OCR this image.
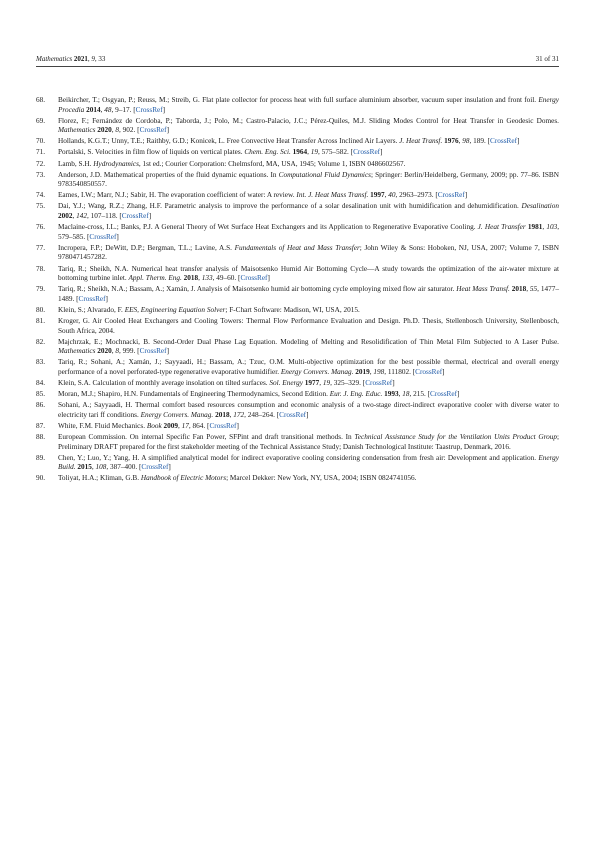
Mathematics 2021, 9, 33	31 of 31
68. Beikircher, T.; Osgyan, P.; Reuss, M.; Streib, G. Flat plate collector for process heat with full surface aluminium absorber, vacuum super insulation and front foil. Energy Procedia 2014, 48, 9–17. [CrossRef]
69. Florez, F.; Fernández de Cordoba, P.; Taborda, J.; Polo, M.; Castro-Palacio, J.C.; Pérez-Quiles, M.J. Sliding Modes Control for Heat Transfer in Geodesic Domes. Mathematics 2020, 8, 902. [CrossRef]
70. Hollands, K.G.T.; Unny, T.E.; Raithby, G.D.; Konicek, L. Free Convective Heat Transfer Across Inclined Air Layers. J. Heat Transf. 1976, 98, 189. [CrossRef]
71. Portalski, S. Velocities in film flow of liquids on vertical plates. Chem. Eng. Sci. 1964, 19, 575–582. [CrossRef]
72. Lamb, S.H. Hydrodynamics, 1st ed.; Courier Corporation: Chelmsford, MA, USA, 1945; Volume 1, ISBN 0486602567.
73. Anderson, J.D. Mathematical properties of the fluid dynamic equations. In Computational Fluid Dynamics; Springer: Berlin/Heidelberg, Germany, 2009; pp. 77–86. ISBN 9783540850557.
74. Eames, I.W.; Marr, N.J.; Sabir, H. The evaporation coefficient of water: A review. Int. J. Heat Mass Transf. 1997, 40, 2963–2973. [CrossRef]
75. Dai, Y.J.; Wang, R.Z.; Zhang, H.F. Parametric analysis to improve the performance of a solar desalination unit with humidification and dehumidification. Desalination 2002, 142, 107–118. [CrossRef]
76. Maclaine-cross, I.L.; Banks, P.J. A General Theory of Wet Surface Heat Exchangers and its Application to Regenerative Evaporative Cooling. J. Heat Transfer 1981, 103, 579–585. [CrossRef]
77. Incropera, F.P.; DeWitt, D.P.; Bergman, T.L.; Lavine, A.S. Fundamentals of Heat and Mass Transfer; John Wiley & Sons: Hoboken, NJ, USA, 2007; Volume 7, ISBN 9780471457282.
78. Tariq, R.; Sheikh, N.A. Numerical heat transfer analysis of Maisotsenko Humid Air Bottoming Cycle—A study towards the optimization of the air-water mixture at bottoming turbine inlet. Appl. Therm. Eng. 2018, 133, 49–60. [CrossRef]
79. Tariq, R.; Sheikh, N.A.; Bassam, A.; Xamán, J. Analysis of Maisotsenko humid air bottoming cycle employing mixed flow air saturator. Heat Mass Transf. 2018, 55, 1477–1489. [CrossRef]
80. Klein, S.; Alvarado, F. EES, Engineering Equation Solver; F-Chart Software: Madison, WI, USA, 2015.
81. Kroger, G. Air Cooled Heat Exchangers and Cooling Towers: Thermal Flow Performance Evaluation and Design. Ph.D. Thesis, Stellenbosch University, Stellenbosch, South Africa, 2004.
82. Majchrzak, E.; Mochnacki, B. Second-Order Dual Phase Lag Equation. Modeling of Melting and Resolidification of Thin Metal Film Subjected to A Laser Pulse. Mathematics 2020, 8, 999. [CrossRef]
83. Tariq, R.; Sohani, A.; Xamán, J.; Sayyaadi, H.; Bassam, A.; Tzuc, O.M. Multi-objective optimization for the best possible thermal, electrical and overall energy performance of a novel perforated-type regenerative evaporative humidifier. Energy Convers. Manag. 2019, 198, 111802. [CrossRef]
84. Klein, S.A. Calculation of monthly average insolation on tilted surfaces. Sol. Energy 1977, 19, 325–329. [CrossRef]
85. Moran, M.J.; Shapiro, H.N. Fundamentals of Engineering Thermodynamics, Second Edition. Eur. J. Eng. Educ. 1993, 18, 215. [CrossRef]
86. Sohani, A.; Sayyaadi, H. Thermal comfort based resources consumption and economic analysis of a two-stage direct-indirect evaporative cooler with diverse water to electricity tari ff conditions. Energy Convers. Manag. 2018, 172, 248–264. [CrossRef]
87. White, F.M. Fluid Mechanics. Book 2009, 17, 864. [CrossRef]
88. European Commission. On internal Specific Fan Power, SFPint and draft transitional methods. In Technical Assistance Study for the Ventilation Units Product Group; Preliminary DRAFT prepared for the first stakeholder meeting of the Technical Assistance Study; Danish Technological Institute: Taastrup, Denmark, 2016.
89. Chen, Y.; Luo, Y.; Yang, H. A simplified analytical model for indirect evaporative cooling considering condensation from fresh air: Development and application. Energy Build. 2015, 108, 387–400. [CrossRef]
90. Toliyat, H.A.; Kliman, G.B. Handbook of Electric Motors; Marcel Dekker: New York, NY, USA, 2004; ISBN 0824741056.
